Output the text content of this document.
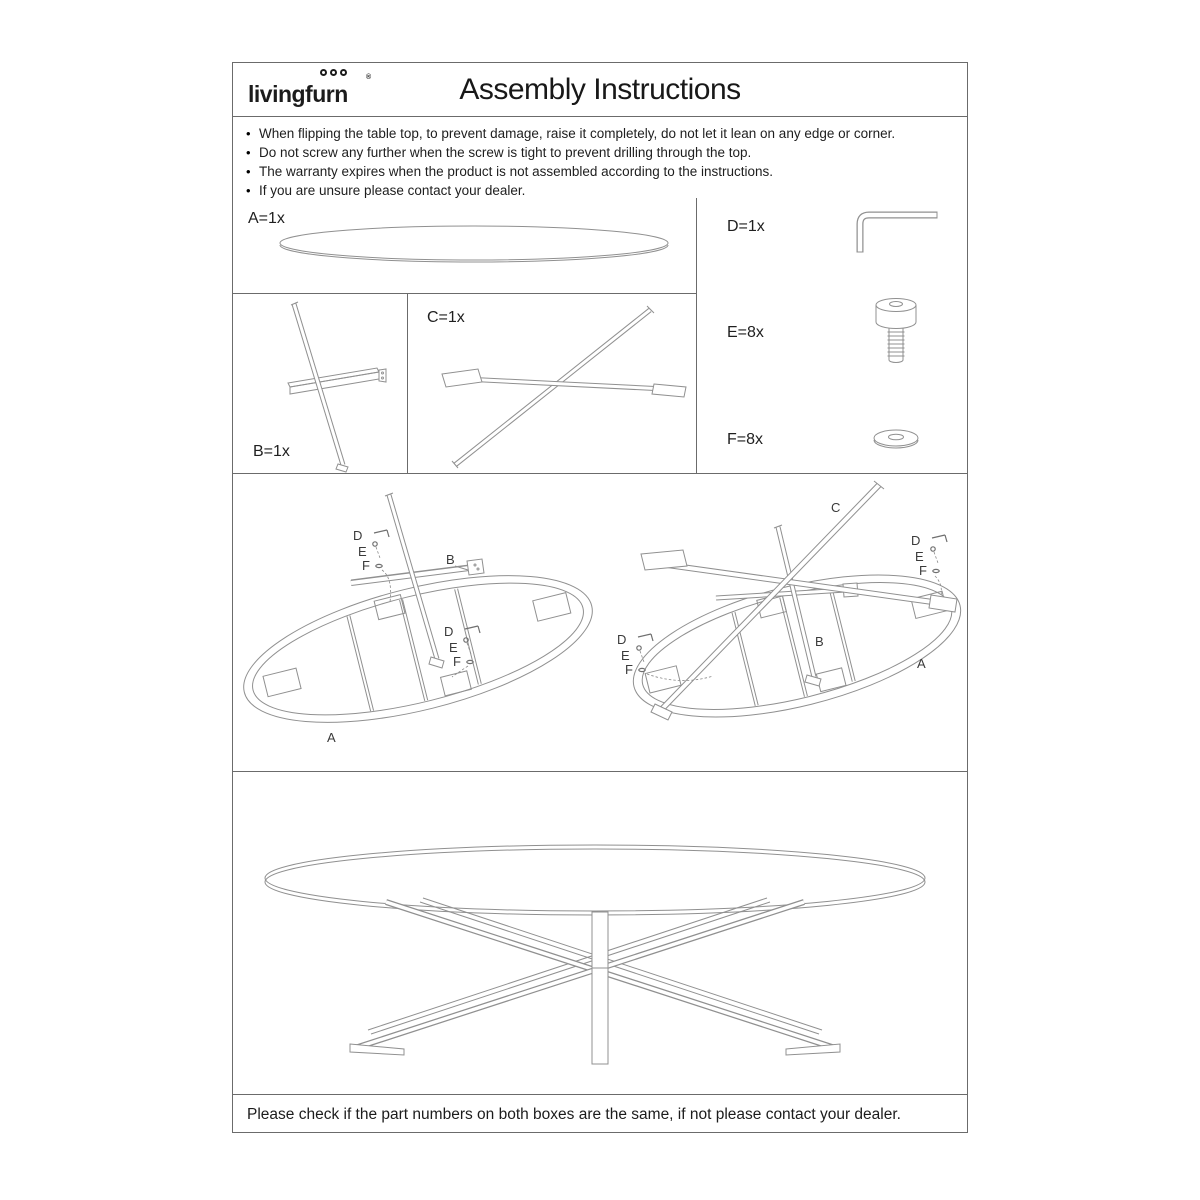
livingfurn
®	Assembly Instructions
• When flipping the table top, to prevent damage, raise it completely, do not let it lean on any edge or corner.
• Do not screw any further when the screw is tight to prevent drilling through the top.
• The warranty expires when the product is not assembled according to the instructions.
• If you are unsure please contact your dealer.
A=1x
B=1x
C=1x
D=1x
E=8x
F=8x
D
E
F
D
E
F
B
A
D
E
F
D
E
F
C
B
A
Please check if the part numbers on both boxes are the same, if not please contact your dealer.
